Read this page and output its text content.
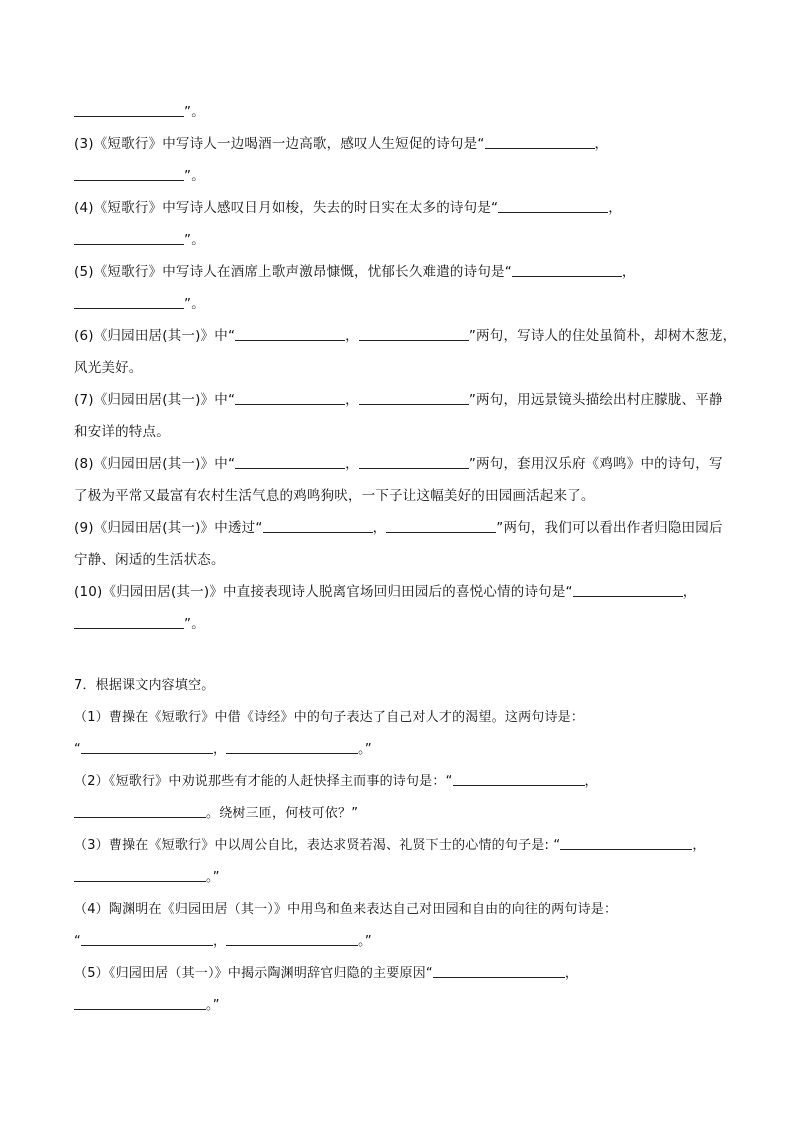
”。
(3)《短歌行》中写诗人一边喝酒一边高歌，感叹人生短促的诗句是“	，
”。
(4)《短歌行》中写诗人感叹日月如梭，失去的时日实在太多的诗句是“	，
”。
(5)《短歌行》中写诗人在酒席上歌声激昂慷慨，忧郁长久难遣的诗句是“	，
”。
(6)《归园田居(其一)》中“	，	”两句，写诗人的住处虽简朴，却树木葱茏，
风光美好。
(7)《归园田居(其一)》中“	，	”两句，用远景镜头描绘出村庄朦胧、平静
和安详的特点。
(8)《归园田居(其一)》中“	，	”两句，套用汉乐府《鸡鸣》中的诗句，写
了极为平常又最富有农村生活气息的鸡鸣狗吠，一下子让这幅美好的田园画活起来了。
(9)《归园田居(其一)》中透过“	，	”两句，我们可以看出作者归隐田园后
宁静、闲适的生活状态。
(10)《归园田居(其一)》中直接表现诗人脱离官场回归田园后的喜悦心情的诗句是“	，
”。
7．根据课文内容填空。
（1）曹操在《短歌行》中借《诗经》中的句子表达了自己对人才的渴望。这两句诗是：
“	，	。”
（2）《短歌行》中劝说那些有才能的人赶快择主而事的诗句是：“	，
。绕树三匝，何枝可依？”
（3）曹操在《短歌行》中以周公自比，表达求贤若渴、礼贤下士的心情的句子是: “	，
。”
（4）陶渊明在《归园田居（其一）》中用鸟和鱼来表达自己对田园和自由的向往的两句诗是：
“	，	。”
（5）《归园田居（其一）》中揭示陶渊明辞官归隐的主要原因“	，
。”
